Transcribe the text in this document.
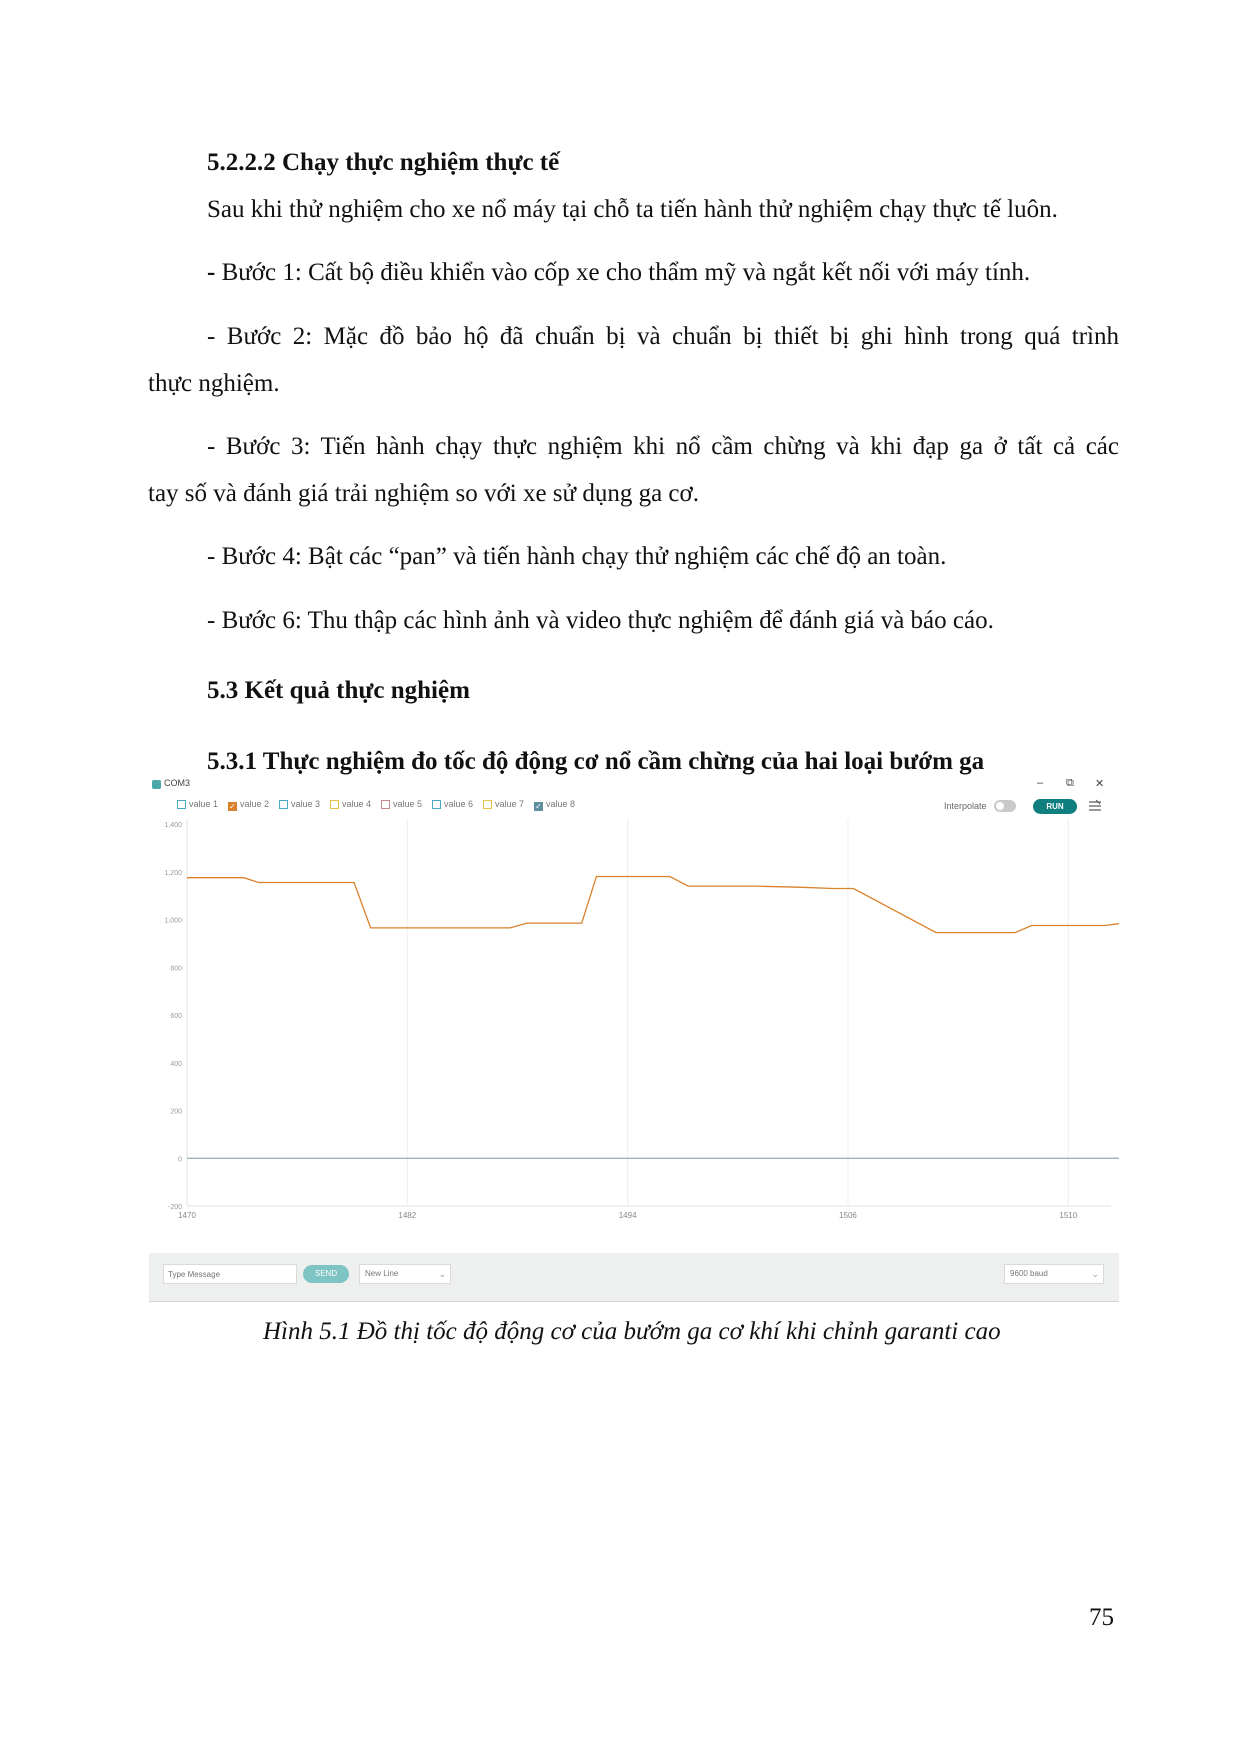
5.2.2.2 Chạy thực nghiệm thực tế
Sau khi thử nghiệm cho xe nổ máy tại chỗ ta tiến hành thử nghiệm chạy thực tế luôn.
- Bước 1: Cất bộ điều khiển vào cốp xe cho thẩm mỹ và ngắt kết nối với máy tính.
- Bước 2: Mặc đồ bảo hộ đã chuẩn bị và chuẩn bị thiết bị ghi hình trong quá trình
thực nghiệm.
- Bước 3: Tiến hành chạy thực nghiệm khi nổ cầm chừng và khi đạp ga ở tất cả các
tay số và đánh giá trải nghiệm so với xe sử dụng ga cơ.
- Bước 4: Bật các “pan” và tiến hành chạy thử nghiệm các chế độ an toàn.
- Bước 6: Thu thập các hình ảnh và video thực nghiệm để đánh giá và báo cáo.
5.3 Kết quả thực nghiệm
5.3.1 Thực nghiệm đo tốc độ động cơ nổ cầm chừng của hai loại bướm ga
COM3	– ⧉ ✕
value 1 ✓ value 2	value 3	value 4	value 5	value 6	value 7 ✓ value 8	Interpolate	RUN
1470	1482	1494	1506	1510
1,400
1,200
1,000
800
600
400
200
0
-200
Type Message
SEND	New Line	⌄	9600 baud	⌄
Hình 5.1 Đồ thị tốc độ động cơ của bướm ga cơ khí khi chỉnh garanti cao
75
